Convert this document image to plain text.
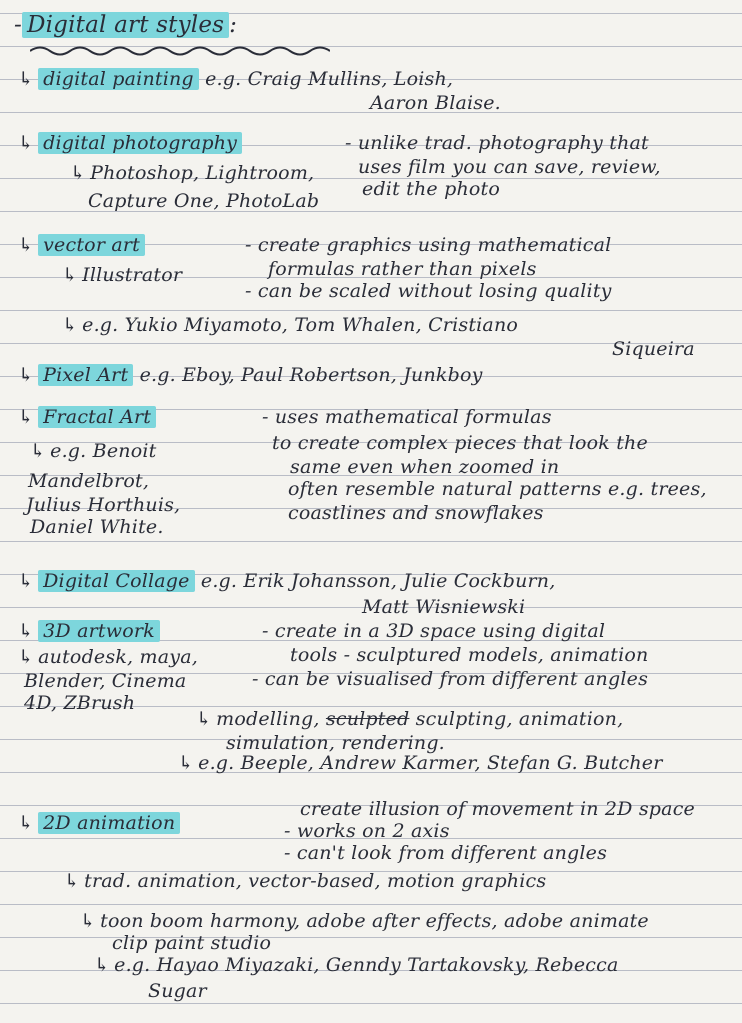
- Digital art styles :
↳ digital painting e.g. Craig Mullins, Loish,
Aaron Blaise.
↳ digital photography	- unlike trad. photography that
uses film you can save, review,
edit the photo
↳ Photoshop, Lightroom,
Capture One, PhotoLab
↳ vector art	- create graphics using mathematical
formulas rather than pixels
- can be scaled without losing quality
↳ Illustrator
↳ e.g. Yukio Miyamoto, Tom Whalen, Cristiano
Siqueira
↳ Pixel Art e.g. Eboy, Paul Robertson, Junkboy
↳ Fractal Art	- uses mathematical formulas
to create complex pieces that look the
same even when zoomed in
often resemble natural patterns e.g. trees,
coastlines and snowflakes
↳ e.g. Benoit
Mandelbrot,
Julius Horthuis,
Daniel White.
↳ Digital Collage e.g. Erik Johansson, Julie Cockburn,
Matt Wisniewski
↳ 3D artwork	- create in a 3D space using digital
tools - sculptured models, animation
- can be visualised from different angles
↳ autodesk, maya,
Blender, Cinema
4D, ZBrush
↳ modelling, sculpted sculpting, animation,
simulation, rendering.
↳ e.g. Beeple, Andrew Karmer, Stefan G. Butcher
create illusion of movement in 2D space
↳ 2D animation	- works on 2 axis
- can't look from different angles
↳ trad. animation, vector-based, motion graphics
↳ toon boom harmony, adobe after effects, adobe animate
clip paint studio
↳ e.g. Hayao Miyazaki, Genndy Tartakovsky, Rebecca
Sugar
